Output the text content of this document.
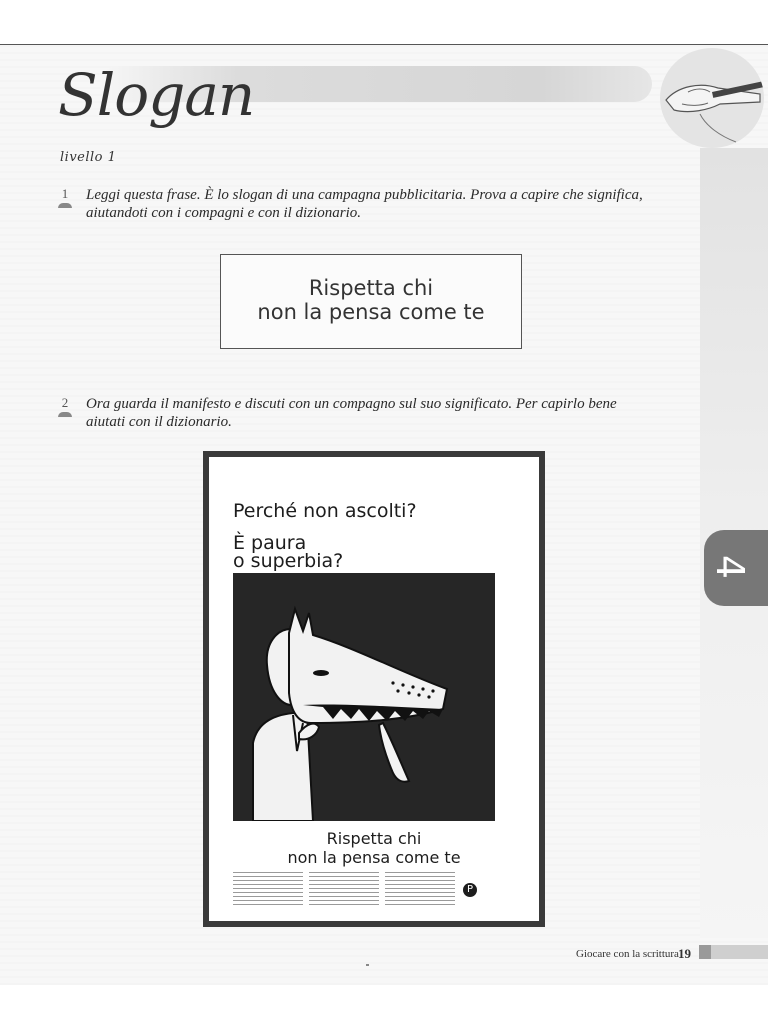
Slogan
livello 1
1 Leggi questa frase. È lo slogan di una campagna pubblicitaria. Prova a capire che significa, aiutandoti con i compagni e con il dizionario.
Rispetta chi
non la pensa come te
2 Ora guarda il manifesto e discuti con un compagno sul suo significato. Per capirlo bene aiutati con il dizionario.
Perché non ascolti?
È paura
o superbia?
Rispetta chi
non la pensa come te
P
4
Giocare con la scrittura 19
